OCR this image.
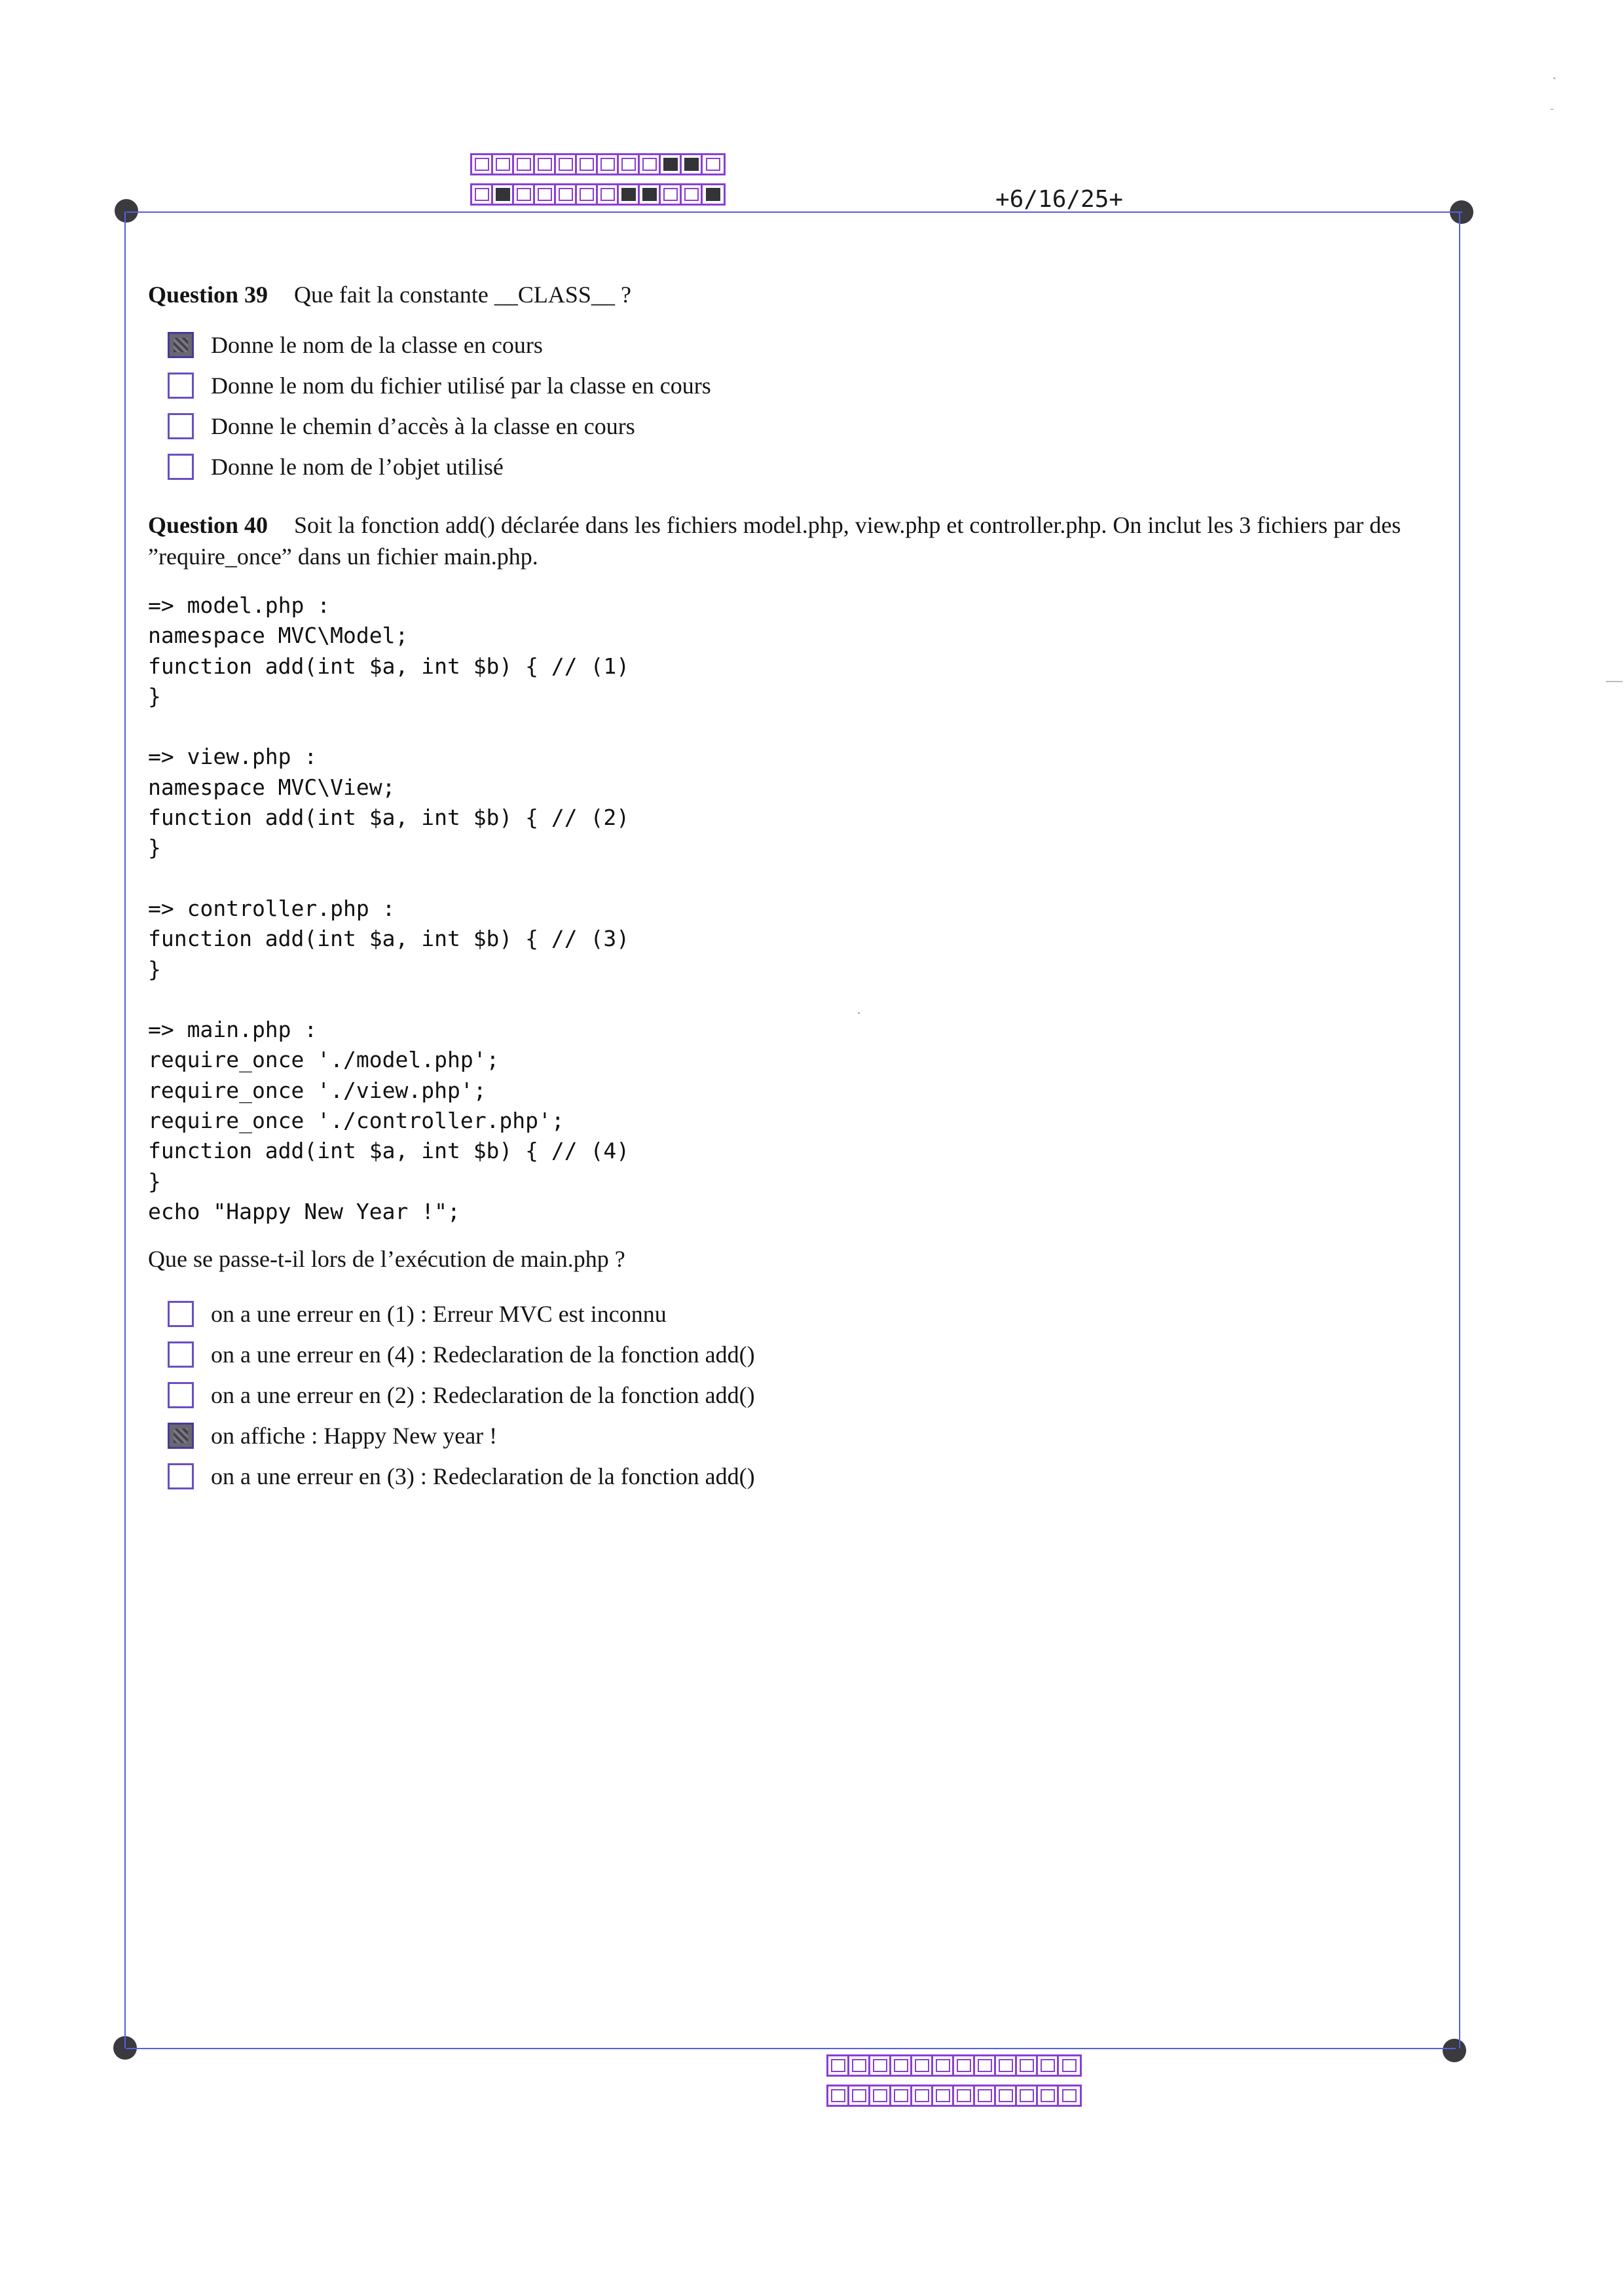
+6/16/25+
Question 39 Que fait la constante __CLASS__ ?
Donne le nom de la classe en cours
Donne le nom du fichier utilisé par la classe en cours
Donne le chemin d’accès à la classe en cours
Donne le nom de l’objet utilisé
Question 40 Soit la fonction add() déclarée dans les fichiers model.php, view.php et controller.php. On inclut les 3 fichiers par des ”require_once” dans un fichier main.php.
=> model.php :
namespace MVC\Model;
function add(int $a, int $b) { // (1)
}

=> view.php :
namespace MVC\View;
function add(int $a, int $b) { // (2)
}

=> controller.php :
function add(int $a, int $b) { // (3)
}

=> main.php :
require_once './model.php';
require_once './view.php';
require_once './controller.php';
function add(int $a, int $b) { // (4)
}
echo "Happy New Year !";
Que se passe-t-il lors de l’exécution de main.php ?
on a une erreur en (1) : Erreur MVC est inconnu
on a une erreur en (4) : Redeclaration de la fonction add()
on a une erreur en (2) : Redeclaration de la fonction add()
on affiche : Happy New year !
on a une erreur en (3) : Redeclaration de la fonction add()
